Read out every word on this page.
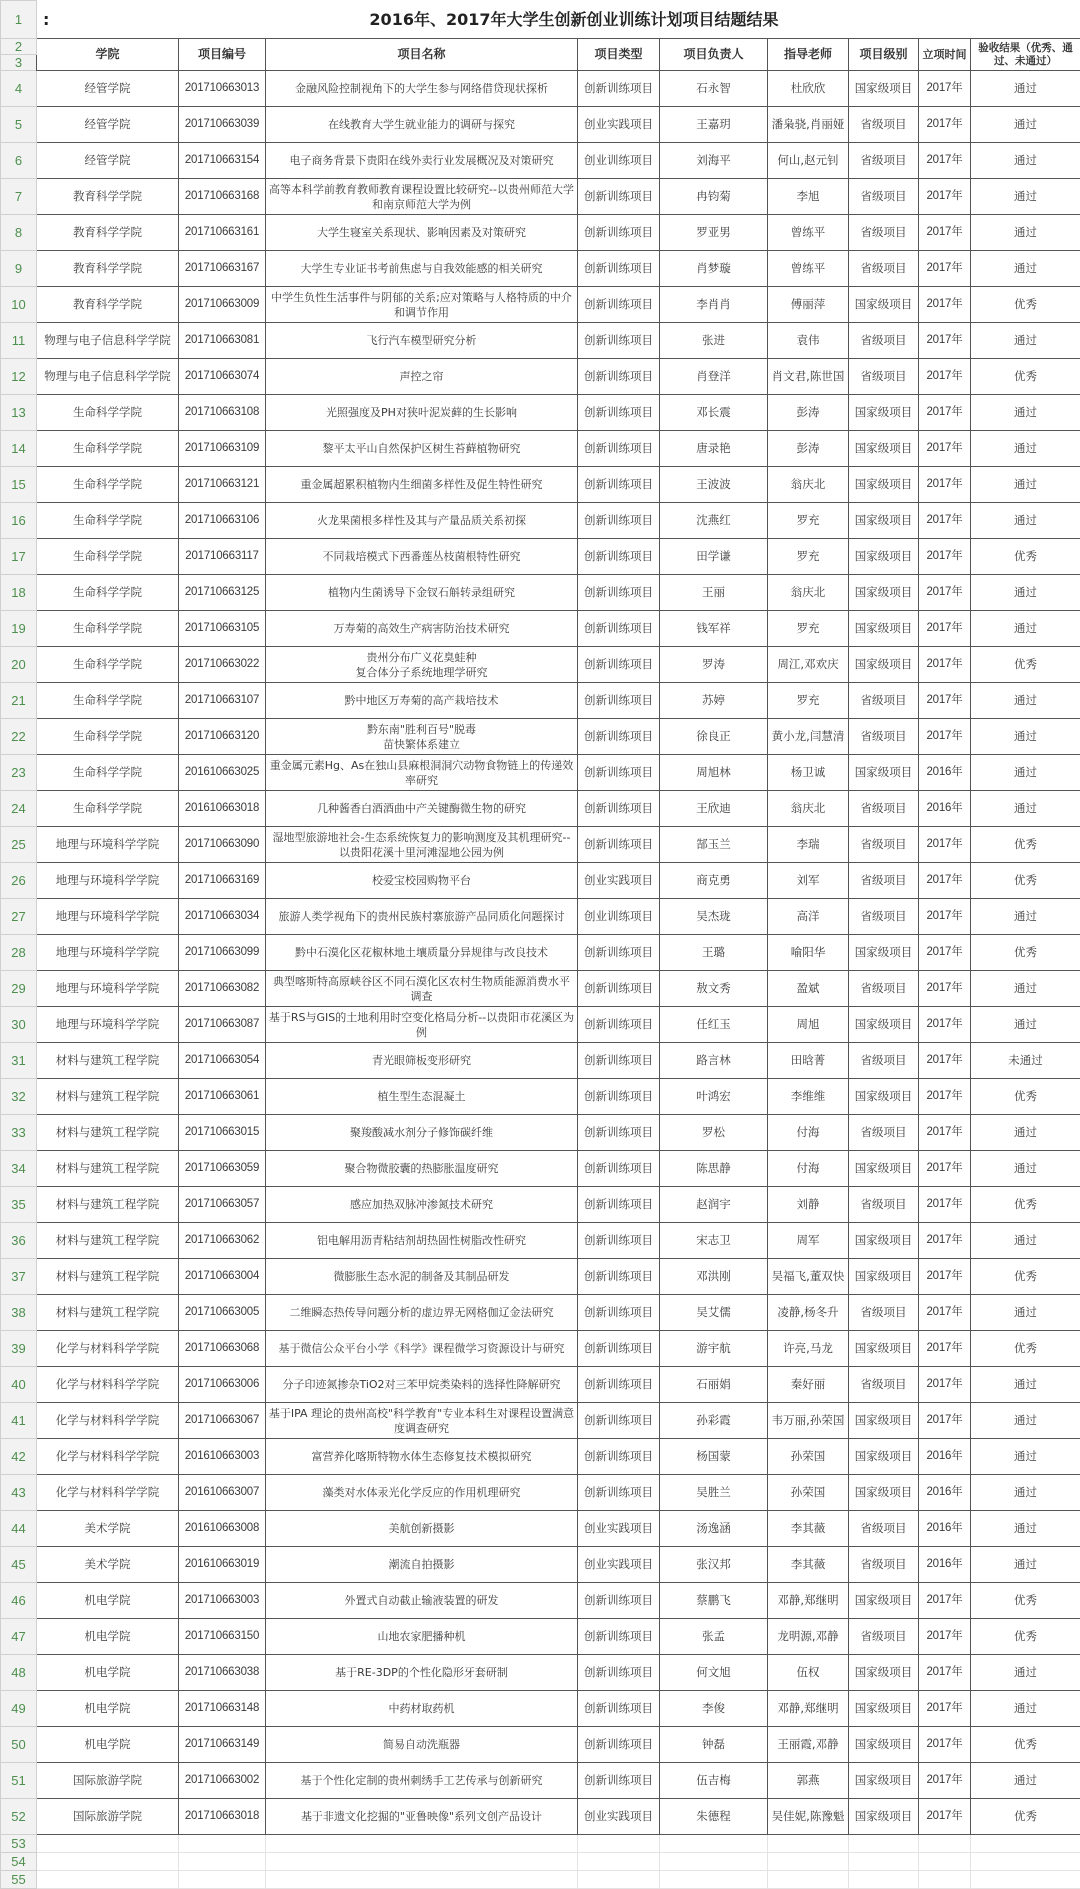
1	: 2016年、2017年大学生创新创业训练计划项目结题结果								
2	学院	项目编号	项目名称	项目类型	项目负责人	指导老师	项目级别	立项时间	验收结果（优秀、通过、未通过）
3									
4	经管学院	201710663013	金融风险控制视角下的大学生参与网络借贷现状探析	创新训练项目	石永智	杜欣欣	国家级项目	2017年	通过
5	经管学院	201710663039	在线教育大学生就业能力的调研与探究	创业实践项目	王嘉玥	潘枭骁,肖丽娅	省级项目	2017年	通过
6	经管学院	201710663154	电子商务背景下贵阳在线外卖行业发展概况及对策研究	创业训练项目	刘海平	何山,赵元钊	省级项目	2017年	通过
7	教育科学学院	201710663168	高等本科学前教育教师教育课程设置比较研究--以贵州师范大学和南京师范大学为例	创新训练项目	冉钧菊	李旭	省级项目	2017年	通过
8	教育科学学院	201710663161	大学生寝室关系现状、影响因素及对策研究	创新训练项目	罗亚男	曾练平	省级项目	2017年	通过
9	教育科学学院	201710663167	大学生专业证书考前焦虑与自我效能感的相关研究	创新训练项目	肖梦璇	曾练平	省级项目	2017年	通过
10	教育科学学院	201710663009	中学生负性生活事件与阴郁的关系;应对策略与人格特质的中介和调节作用	创新训练项目	李肖肖	傅丽萍	国家级项目	2017年	优秀
11	物理与电子信息科学学院	201710663081	飞行汽车模型研究分析	创新训练项目	张进	袁伟	省级项目	2017年	通过
12	物理与电子信息科学学院	201710663074	声控之帘	创新训练项目	肖登洋	肖文君,陈世国	省级项目	2017年	优秀
13	生命科学学院	201710663108	光照强度及PH对狭叶泥炭藓的生长影响	创新训练项目	邓长震	彭涛	国家级项目	2017年	通过
14	生命科学学院	201710663109	黎平太平山自然保护区树生苔藓植物研究	创新训练项目	唐录艳	彭涛	国家级项目	2017年	通过
15	生命科学学院	201710663121	重金属超累积植物内生细菌多样性及促生特性研究	创新训练项目	王波波	翁庆北	国家级项目	2017年	通过
16	生命科学学院	201710663106	火龙果菌根多样性及其与产量品质关系初探	创新训练项目	沈燕红	罗充	国家级项目	2017年	通过
17	生命科学学院	201710663117	不同栽培模式下西番莲丛枝菌根特性研究	创新训练项目	田学谦	罗充	国家级项目	2017年	优秀
18	生命科学学院	201710663125	植物内生菌诱导下金钗石斛转录组研究	创新训练项目	王丽	翁庆北	国家级项目	2017年	通过
19	生命科学学院	201710663105	万寿菊的高效生产病害防治技术研究	创新训练项目	钱军祥	罗充	国家级项目	2017年	通过
20	生命科学学院	201710663022	贵州分布广义花臭蛙种
复合体分子系统地理学研究	创新训练项目	罗涛	周江,邓欢庆	国家级项目	2017年	优秀
21	生命科学学院	201710663107	黔中地区万寿菊的高产栽培技术	创新训练项目	苏婷	罗充	省级项目	2017年	通过
22	生命科学学院	201710663120	黔东南"胜利百号"脱毒
苗快繁体系建立	创新训练项目	徐良正	黄小龙,闫慧清	省级项目	2017年	通过
23	生命科学学院	201610663025	重金属元素Hg、As在独山县麻根洞洞穴动物食物链上的传递效率研究	创新训练项目	周旭林	杨卫诚	国家级项目	2016年	通过
24	生命科学学院	201610663018	几种酱香白酒酒曲中产关键酶微生物的研究	创新训练项目	王欣迪	翁庆北	省级项目	2016年	通过
25	地理与环境科学学院	201710663090	湿地型旅游地社会-生态系统恢复力的影响测度及其机理研究--以贵阳花溪十里河滩湿地公园为例	创新训练项目	郜玉兰	李瑞	省级项目	2017年	优秀
26	地理与环境科学学院	201710663169	校爱宝校园购物平台	创业实践项目	商克勇	刘军	省级项目	2017年	优秀
27	地理与环境科学学院	201710663034	旅游人类学视角下的贵州民族村寨旅游产品同质化问题探讨	创业训练项目	吴杰珑	高洋	省级项目	2017年	通过
28	地理与环境科学学院	201710663099	黔中石漠化区花椒林地土壤质量分异规律与改良技术	创新训练项目	王璐	喻阳华	国家级项目	2017年	优秀
29	地理与环境科学学院	201710663082	典型喀斯特高原峡谷区不同石漠化区农村生物质能源消费水平调查	创新训练项目	敖文秀	盈斌	省级项目	2017年	通过
30	地理与环境科学学院	201710663087	基于RS与GIS的土地利用时空变化格局分析--以贵阳市花溪区为例	创新训练项目	任红玉	周旭	国家级项目	2017年	通过
31	材料与建筑工程学院	201710663054	青光眼筛板变形研究	创新训练项目	路言林	田晗菁	省级项目	2017年	未通过
32	材料与建筑工程学院	201710663061	植生型生态混凝土	创新训练项目	叶鸿宏	李维维	国家级项目	2017年	优秀
33	材料与建筑工程学院	201710663015	聚羧酸减水剂分子修饰碳纤维	创新训练项目	罗松	付海	省级项目	2017年	通过
34	材料与建筑工程学院	201710663059	聚合物微胶囊的热膨胀温度研究	创新训练项目	陈思静	付海	国家级项目	2017年	通过
35	材料与建筑工程学院	201710663057	感应加热双脉冲渗氮技术研究	创新训练项目	赵润宇	刘静	省级项目	2017年	优秀
36	材料与建筑工程学院	201710663062	铝电解用沥青粘结剂胡热固性树脂改性研究	创新训练项目	宋志卫	周军	国家级项目	2017年	通过
37	材料与建筑工程学院	201710663004	微膨胀生态水泥的制备及其制品研发	创新训练项目	邓洪刚	吴福飞,董双快	国家级项目	2017年	优秀
38	材料与建筑工程学院	201710663005	二维瞬态热传导问题分析的虚边界无网格伽辽金法研究	创新训练项目	吴艾儒	凌静,杨冬升	省级项目	2017年	通过
39	化学与材料科学学院	201710663068	基于微信公众平台小学《科学》课程微学习资源设计与研究	创新训练项目	游宇航	许亮,马龙	国家级项目	2017年	优秀
40	化学与材料科学学院	201710663006	分子印迹氮掺杂TiO2对三苯甲烷类染料的选择性降解研究	创新训练项目	石丽娟	秦好丽	省级项目	2017年	通过
41	化学与材料科学学院	201710663067	基于IPA 理论的贵州高校"科学教育"专业本科生对课程设置满意度调查研究	创新训练项目	孙彩霞	韦万丽,孙荣国	国家级项目	2017年	通过
42	化学与材料科学学院	201610663003	富营养化喀斯特物水体生态修复技术模拟研究	创新训练项目	杨国蒙	孙荣国	国家级项目	2016年	通过
43	化学与材料科学学院	201610663007	藻类对水体汞光化学反应的作用机理研究	创新训练项目	吴胜兰	孙荣国	国家级项目	2016年	通过
44	美术学院	201610663008	美航创新摄影	创业实践项目	汤逸涵	李其薇	省级项目	2016年	通过
45	美术学院	201610663019	潮流自拍摄影	创业实践项目	张汉邦	李其薇	省级项目	2016年	通过
46	机电学院	201710663003	外置式自动截止输液装置的研发	创新训练项目	蔡鹏飞	邓静,郑继明	国家级项目	2017年	优秀
47	机电学院	201710663150	山地农家肥播种机	创新训练项目	张孟	龙明源,邓静	省级项目	2017年	优秀
48	机电学院	201710663038	基于RE-3DP的个性化隐形牙套研制	创新训练项目	何文旭	伍权	国家级项目	2017年	通过
49	机电学院	201710663148	中药材取药机	创新训练项目	李俊	邓静,郑继明	国家级项目	2017年	通过
50	机电学院	201710663149	简易自动洗瓶器	创新训练项目	钟磊	王丽霞,邓静	国家级项目	2017年	优秀
51	国际旅游学院	201710663002	基于个性化定制的贵州刺绣手工艺传承与创新研究	创新训练项目	伍吉梅	郭燕	国家级项目	2017年	通过
52	国际旅游学院	201710663018	基于非遗文化挖掘的"亚鲁映像"系列文创产品设计	创业实践项目	朱德程	吴佳妮,陈豫魁	国家级项目	2017年	优秀
53									
54									
55									
